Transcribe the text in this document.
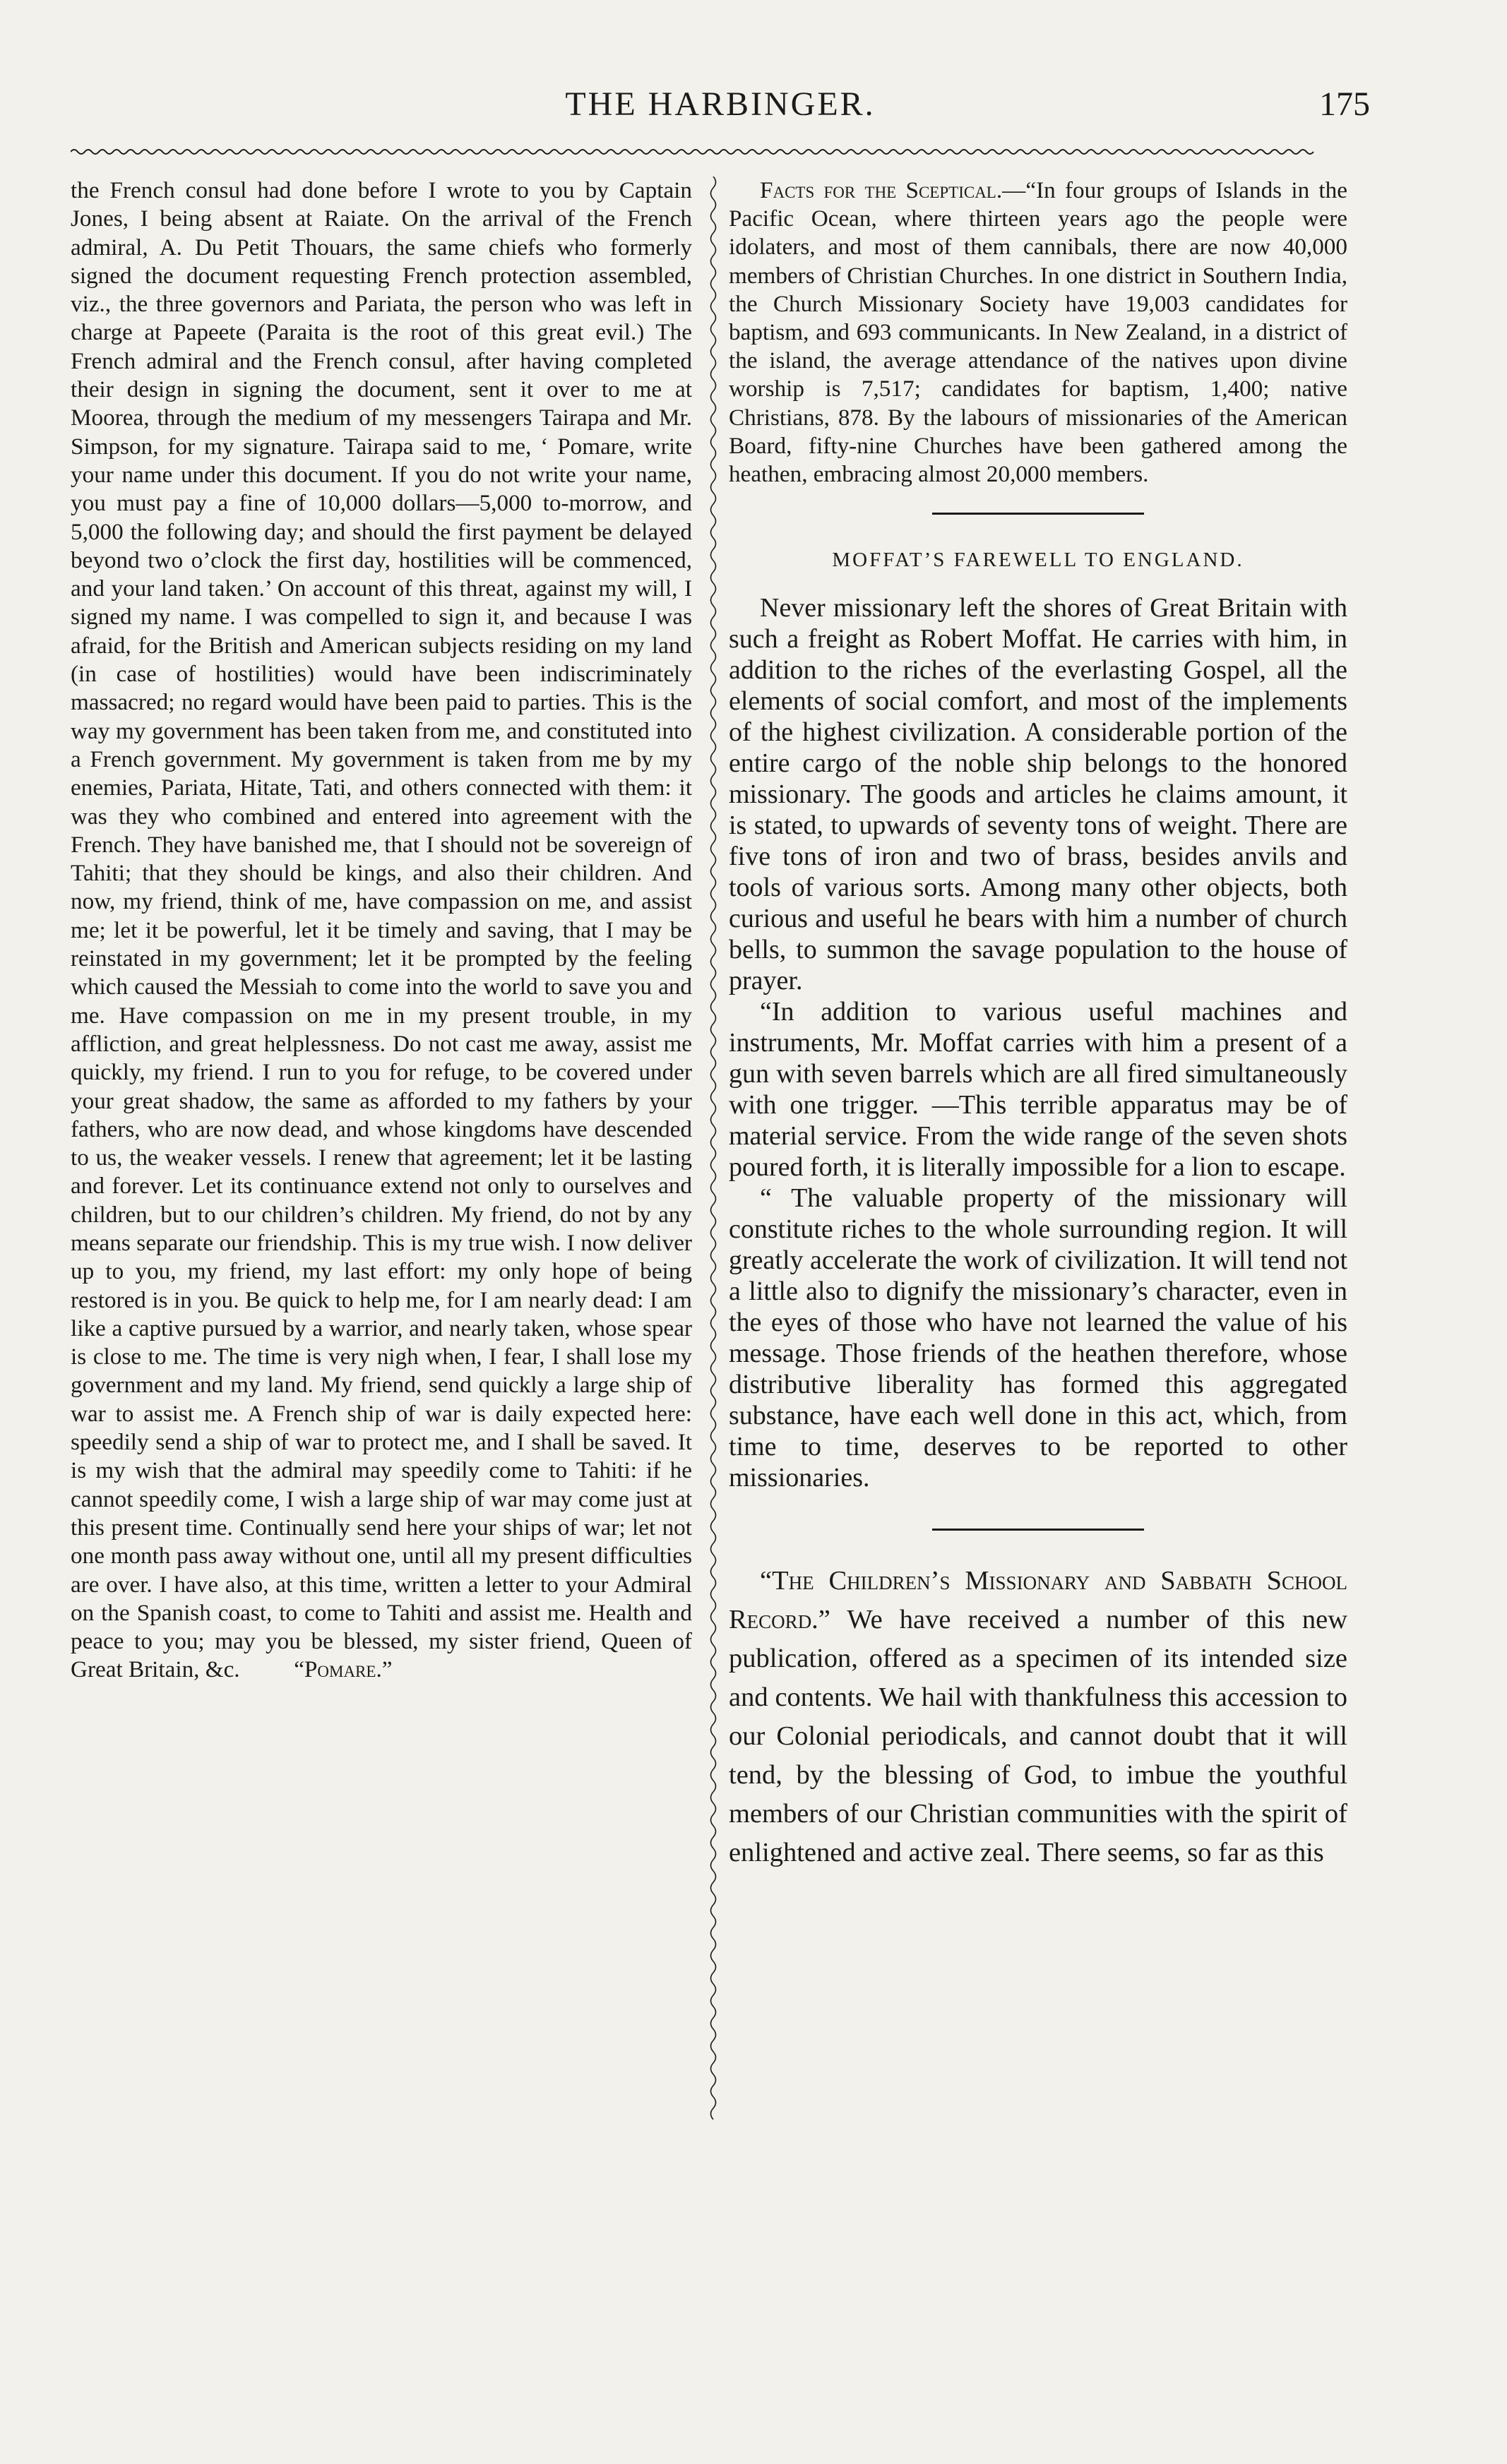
THE HARBINGER.	175

the French consul had done before I wrote to you by Captain Jones, I being absent at Raiate. On the arrival of the French admiral, A. Du Petit Thouars, the same chiefs who formerly signed the document requesting French protection assembled, viz., the three governors and Pariata, the person who was left in charge at Papeete (Paraita is the root of this great evil.) The French admiral and the French consul, after having completed their design in signing the document, sent it over to me at Moorea, through the medium of my messengers Tairapa and Mr. Simpson, for my signature. Tairapa said to me, ‘ Pomare, write your name under this document. If you do not write your name, you must pay a fine of 10,000 dollars—5,000 to-morrow, and 5,000 the following day; and should the first payment be delayed beyond two o’clock the first day, hostilities will be commenced, and your land taken.’ On account of this threat, against my will, I signed my name. I was compelled to sign it, and because I was afraid, for the British and American subjects residing on my land (in case of hostilities) would have been indiscriminately massacred; no regard would have been paid to parties. This is the way my government has been taken from me, and constituted into a French government. My government is taken from me by my enemies, Pariata, Hitate, Tati, and others connected with them: it was they who combined and entered into agreement with the French. They have banished me, that I should not be sovereign of Tahiti; that they should be kings, and also their children. And now, my friend, think of me, have compassion on me, and assist me; let it be powerful, let it be timely and saving, that I may be reinstated in my government; let it be prompted by the feeling which caused the Messiah to come into the world to save you and me. Have compassion on me in my present trouble, in my affliction, and great helplessness. Do not cast me away, assist me quickly, my friend. I run to you for refuge, to be covered under your great shadow, the same as afforded to my fathers by your fathers, who are now dead, and whose kingdoms have descended to us, the weaker vessels. I renew that agreement; let it be lasting and forever. Let its continuance extend not only to ourselves and children, but to our children’s children. My friend, do not by any means separate our friendship. This is my true wish. I now deliver up to you, my friend, my last effort: my only hope of being restored is in you. Be quick to help me, for I am nearly dead: I am like a captive pursued by a warrior, and nearly taken, whose spear is close to me. The time is very nigh when, I fear, I shall lose my government and my land. My friend, send quickly a large ship of war to assist me. A French ship of war is daily expected here: speedily send a ship of war to protect me, and I shall be saved. It is my wish that the admiral may speedily come to Tahiti: if he cannot speedily come, I wish a large ship of war may come just at this present time. Continually send here your ships of war; let not one month pass away without one, until all my present difficulties are over. I have also, at this time, written a letter to your Admiral on the Spanish coast, to come to Tahiti and assist me. Health and peace to you; may you be blessed, my sister friend, Queen of Great Britain, &c. “Pomare.”

Facts for the Sceptical.—“In four groups of Islands in the Pacific Ocean, where thirteen years ago the people were idolaters, and most of them cannibals, there are now 40,000 members of Christian Churches. In one district in Southern India, the Church Missionary Society have 19,003 candidates for baptism, and 693 communicants. In New Zealand, in a district of the island, the average attendance of the natives upon divine worship is 7,517; candidates for baptism, 1,400; native Christians, 878. By the labours of missionaries of the American Board, fifty-nine Churches have been gathered among the heathen, embracing almost 20,000 members.

MOFFAT’S FAREWELL TO ENGLAND.

Never missionary left the shores of Great Britain with such a freight as Robert Moffat. He carries with him, in addition to the riches of the everlasting Gospel, all the elements of social comfort, and most of the implements of the highest civilization. A considerable portion of the entire cargo of the noble ship belongs to the honored missionary. The goods and articles he claims amount, it is stated, to upwards of seventy tons of weight. There are five tons of iron and two of brass, besides anvils and tools of various sorts. Among many other objects, both curious and useful he bears with him a number of church bells, to summon the savage population to the house of prayer.

“In addition to various useful machines and instruments, Mr. Moffat carries with him a present of a gun with seven barrels which are all fired simultaneously with one trigger. —This terrible apparatus may be of material service. From the wide range of the seven shots poured forth, it is literally impossible for a lion to escape.

“ The valuable property of the missionary will constitute riches to the whole surrounding region. It will greatly accelerate the work of civilization. It will tend not a little also to dignify the missionary’s character, even in the eyes of those who have not learned the value of his message. Those friends of the heathen therefore, whose distributive liberality has formed this aggregated substance, have each well done in this act, which, from time to time, deserves to be reported to other missionaries.

“The Children’s Missionary and Sabbath School Record.” We have received a number of this new publication, offered as a specimen of its intended size and contents. We hail with thankfulness this accession to our Colonial periodicals, and cannot doubt that it will tend, by the blessing of God, to imbue the youthful members of our Christian communities with the spirit of enlightened and active zeal. There seems, so far as this
